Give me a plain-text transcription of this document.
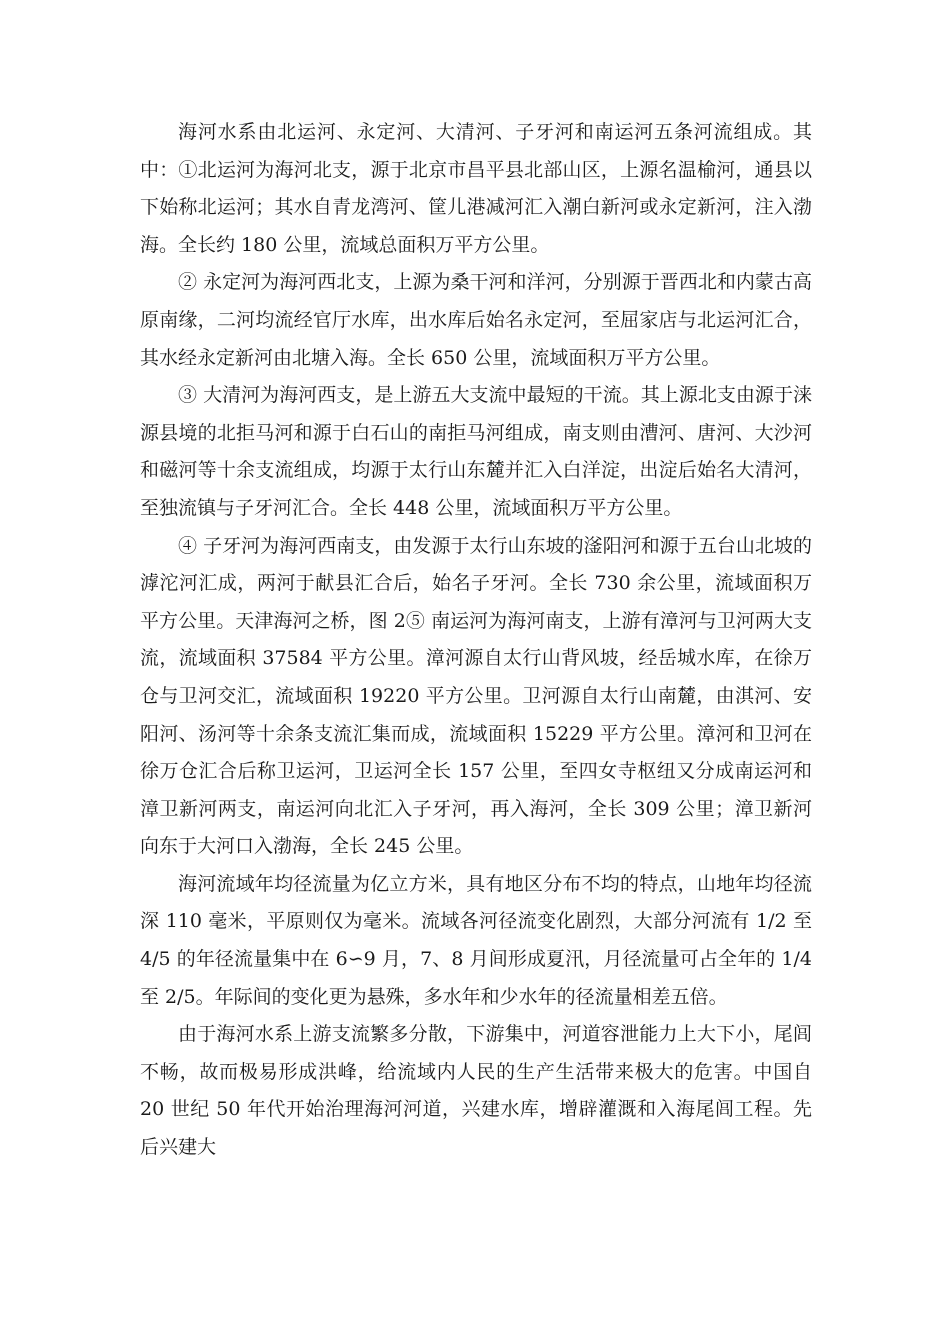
海河水系由北运河、永定河、大清河、子牙河和南运河五条河流组成。其中：①北运河为海河北支，源于北京市昌平县北部山区，上源名温榆河，通县以下始称北运河；其水自青龙湾河、筐儿港减河汇入潮白新河或永定新河，注入渤海。全长约 180 公里，流域总面积万平方公里。

② 永定河为海河西北支，上源为桑干河和洋河，分别源于晋西北和内蒙古高原南缘，二河均流经官厅水库，出水库后始名永定河，至屈家店与北运河汇合，其水经永定新河由北塘入海。全长 650 公里，流域面积万平方公里。

③ 大清河为海河西支，是上游五大支流中最短的干流。其上源北支由源于涞源县境的北拒马河和源于白石山的南拒马河组成，南支则由漕河、唐河、大沙河和磁河等十余支流组成，均源于太行山东麓并汇入白洋淀，出淀后始名大清河，至独流镇与子牙河汇合。全长 448 公里，流域面积万平方公里。

④ 子牙河为海河西南支，由发源于太行山东坡的滏阳河和源于五台山北坡的滹沱河汇成，两河于献县汇合后，始名子牙河。全长 730 余公里，流域面积万平方公里。天津海河之桥，图 2⑤ 南运河为海河南支，上游有漳河与卫河两大支流，流域面积 37584 平方公里。漳河源自太行山背风坡，经岳城水库，在徐万仓与卫河交汇，流域面积 19220 平方公里。卫河源自太行山南麓，由淇河、安阳河、汤河等十余条支流汇集而成，流域面积 15229 平方公里。漳河和卫河在徐万仓汇合后称卫运河，卫运河全长 157 公里，至四女寺枢纽又分成南运河和漳卫新河两支，南运河向北汇入子牙河，再入海河，全长 309 公里；漳卫新河向东于大河口入渤海，全长 245 公里。

海河流域年均径流量为亿立方米，具有地区分布不均的特点，山地年均径流深 110 毫米，平原则仅为毫米。流域各河径流变化剧烈，大部分河流有 1/2 至 4/5 的年径流量集中在 6∽9 月，7、8 月间形成夏汛，月径流量可占全年的 1/4 至 2/5。年际间的变化更为悬殊，多水年和少水年的径流量相差五倍。

由于海河水系上游支流繁多分散，下游集中，河道容泄能力上大下小，尾闾不畅，故而极易形成洪峰，给流域内人民的生产生活带来极大的危害。中国自 20 世纪 50 年代开始治理海河河道，兴建水库，增辟灌溉和入海尾闾工程。先后兴建大
